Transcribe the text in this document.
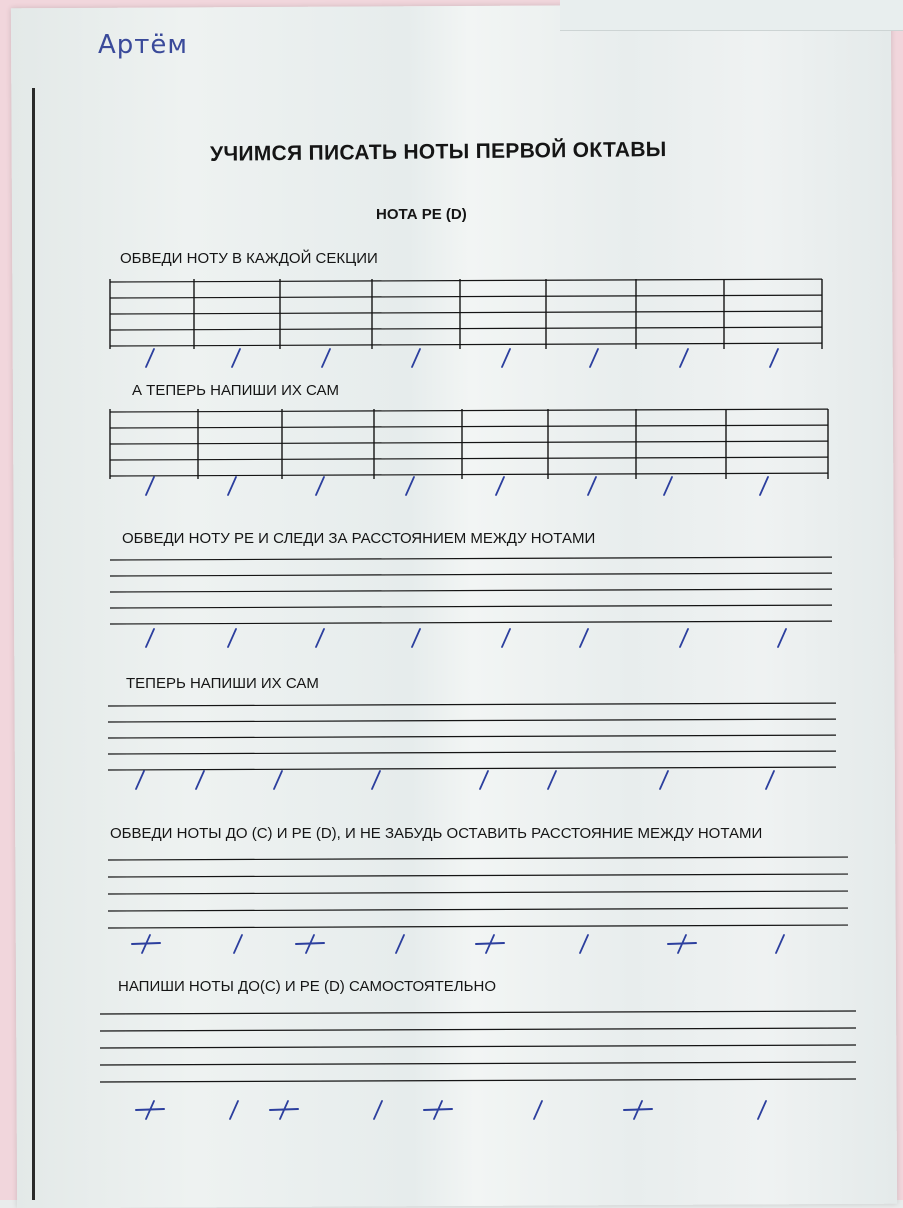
Артём
УЧИМСЯ ПИСАТЬ НОТЫ ПЕРВОЙ ОКТАВЫ
НОТА РЕ (D)
ОБВЕДИ НОТУ В КАЖДОЙ СЕКЦИИ
А ТЕПЕРЬ НАПИШИ ИХ САМ
ОБВЕДИ НОТУ РЕ И СЛЕДИ ЗА РАССТОЯНИЕМ МЕЖДУ НОТАМИ
ТЕПЕРЬ НАПИШИ ИХ САМ
ОБВЕДИ НОТЫ ДО (С) И РЕ (D), И НЕ ЗАБУДЬ ОСТАВИТЬ РАССТОЯНИЕ МЕЖДУ НОТАМИ
НАПИШИ НОТЫ ДО(С) И РЕ (D) САМОСТОЯТЕЛЬНО
